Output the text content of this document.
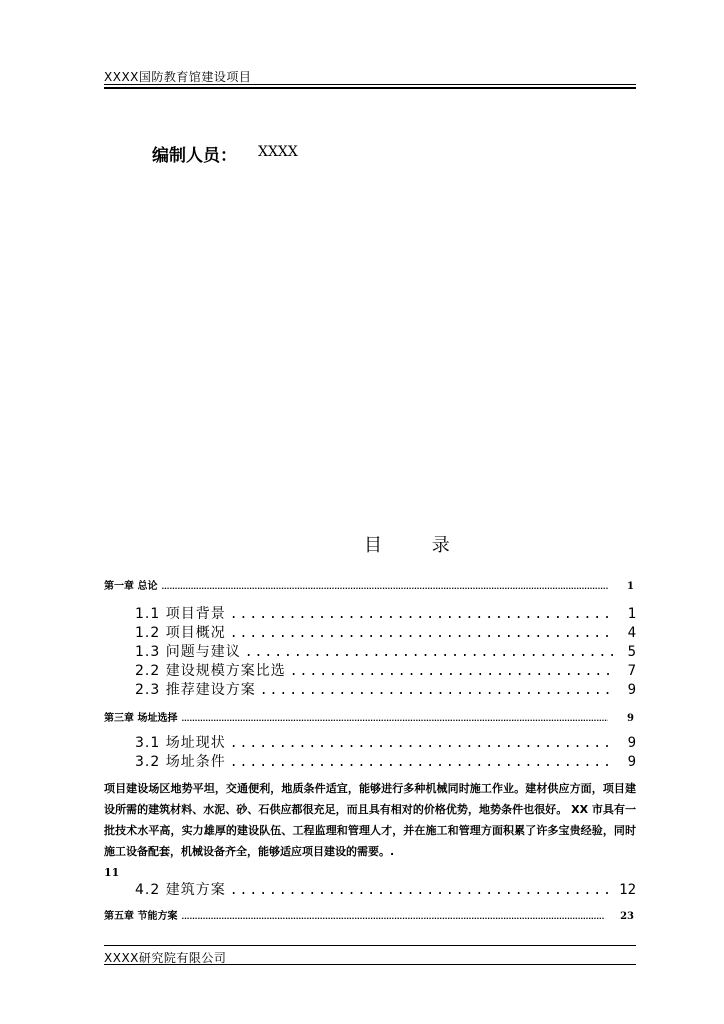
XXXX国防教育馆建设项目
编制人员： XXXX
目 录
第一章 总论 .....	1
1.1 项目背景 .....	1
1.2 项目概况 .....	4
1.3 问题与建议 .....	5
2.2 建设规模方案比选 .....	7
2.3 推荐建设方案 .....	9
第三章 场址选择 .....	9
3.1 场址现状 .....	9
3.2 场址条件 .....	9
项目建设场区地势平坦，交通便利，地质条件适宜，能够进行多种机械同时施工作业。建材供应方面，项目建设所需的建筑材料、水泥、砂、石供应都很充足，而且具有相对的价格优势，地势条件也很好。 XX 市具有一批技术水平高，实力雄厚的建设队伍、工程监理和管理人才，并在施工和管理方面积累了许多宝贵经验，同时施工设备配套，机械设备齐全，能够适应项目建设的需要。.
11
4.2 建筑方案 .....	12
第五章 节能方案 .....	23
XXXX研究院有限公司
